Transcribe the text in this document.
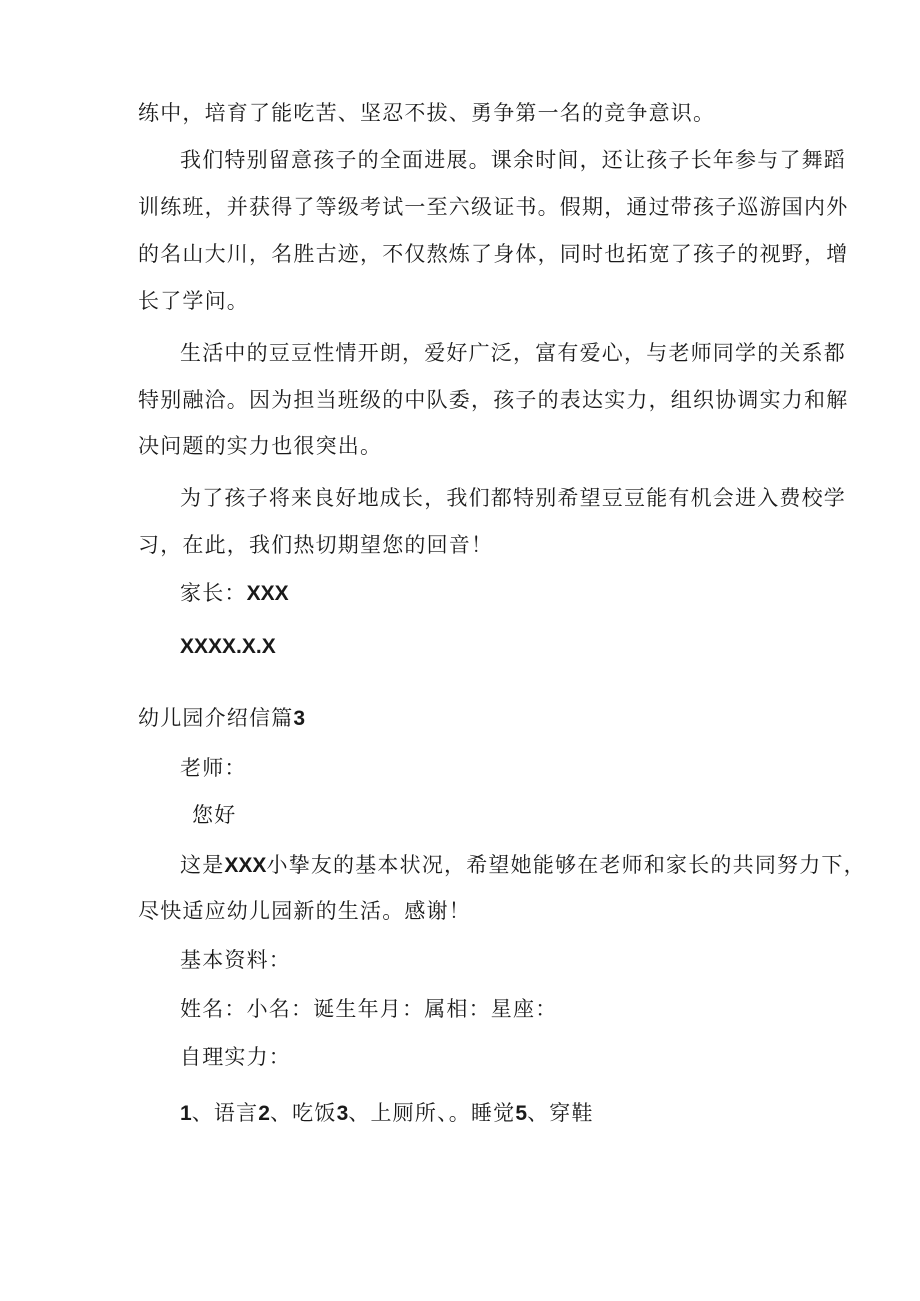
练中，培育了能吃苦、坚忍不拔、勇争第一名的竞争意识。
我们特别留意孩子的全面进展。课余时间，还让孩子长年参与了舞蹈
训练班，并获得了等级考试一至六级证书。假期，通过带孩子巡游国内外
的名山大川，名胜古迹，不仅熬炼了身体，同时也拓宽了孩子的视野，增
长了学问。
生活中的豆豆性情开朗，爱好广泛，富有爱心，与老师同学的关系都
特别融洽。因为担当班级的中队委，孩子的表达实力，组织协调实力和解
决问题的实力也很突出。
为了孩子将来良好地成长，我们都特别希望豆豆能有机会进入费校学
习，在此，我们热切期望您的回音！
家长：XXX
XXXX.X.X
幼儿园介绍信篇3
老师：
您好
这是XXX小挚友的基本状况，希望她能够在老师和家长的共同努力下，
尽快适应幼儿园新的生活。感谢！
基本资料：
姓名：小名：诞生年月：属相：星座：
自理实力：
1、语言2、吃饭3、上厕所、。睡觉5、穿鞋
